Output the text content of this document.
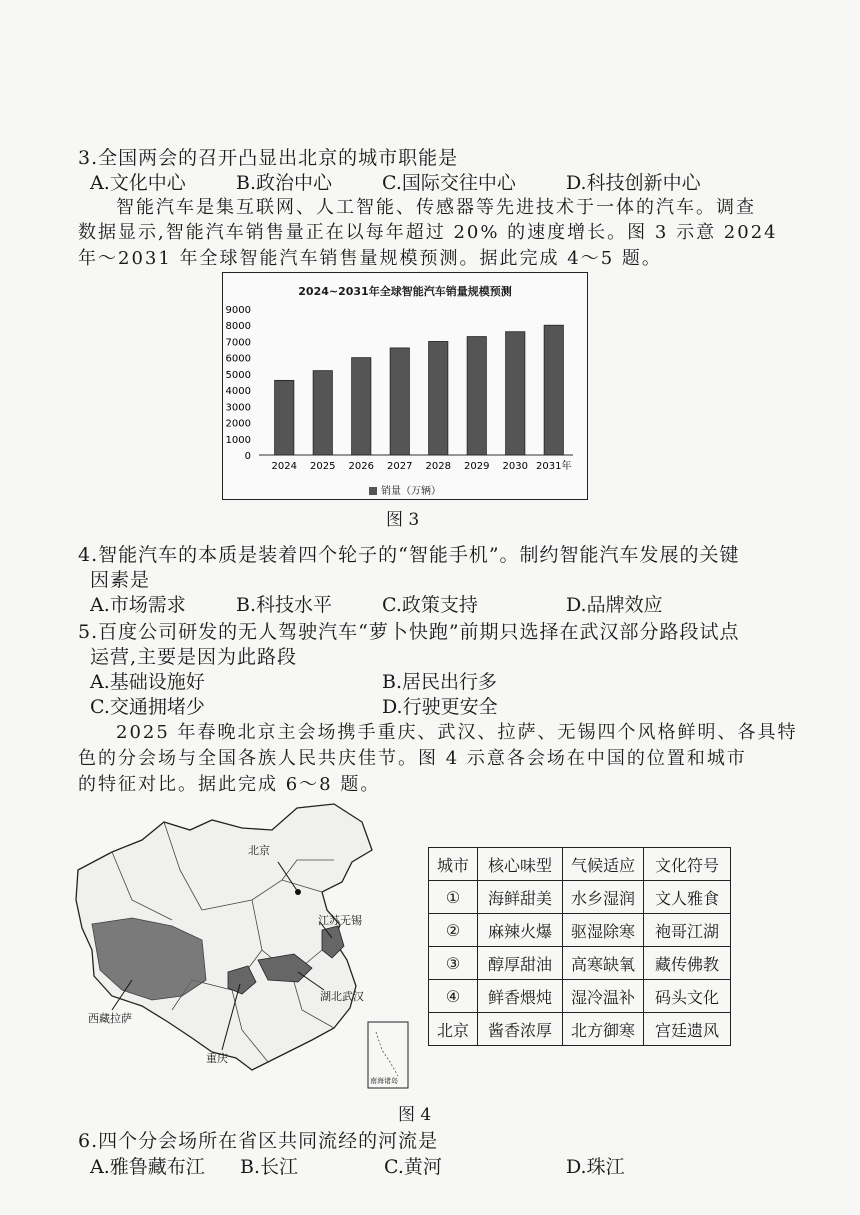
3.全国两会的召开凸显出北京的城市职能是
A.文化中心	B.政治中心	C.国际交往中心	D.科技创新中心
智能汽车是集互联网、人工智能、传感器等先进技术于一体的汽车。调查
数据显示,智能汽车销售量正在以每年超过 20% 的速度增长。图 3 示意 2024
年～2031 年全球智能汽车销售量规模预测。据此完成 4～5 题。
0
1000
2000
3000
4000
5000
6000
7000
8000
9000
2024 2025 2026 2027 2028 2029 2030 2031年
2024~2031年全球智能汽车销量规模预测
销量（万辆）
图 3
4.智能汽车的本质是装着四个轮子的“智能手机”。制约智能汽车发展的关键
因素是
A.市场需求	B.科技水平	C.政策支持	D.品牌效应
5.百度公司研发的无人驾驶汽车“萝卜快跑”前期只选择在武汉部分路段试点
运营,主要是因为此路段
A.基础设施好	B.居民出行多
C.交通拥堵少	D.行驶更安全
2025 年春晚北京主会场携手重庆、武汉、拉萨、无锡四个风格鲜明、各具特
色的分会场与全国各族人民共庆佳节。图 4 示意各会场在中国的位置和城市
的特征对比。据此完成 6～8 题。
北京
江苏无锡
湖北武汉
西藏拉萨
重庆
南海诸岛
城市	核心味型	气候适应	文化符号
①	海鲜甜美	水乡湿润	文人雅食
②	麻辣火爆	驱湿除寒	袍哥江湖
③	醇厚甜油	高寒缺氧	藏传佛教
④	鲜香煨炖	湿冷温补	码头文化
北京	酱香浓厚	北方御寒	宫廷遗风
图 4
6.四个分会场所在省区共同流经的河流是
A.雅鲁藏布江 B.长江	C.黄河	D.珠江
